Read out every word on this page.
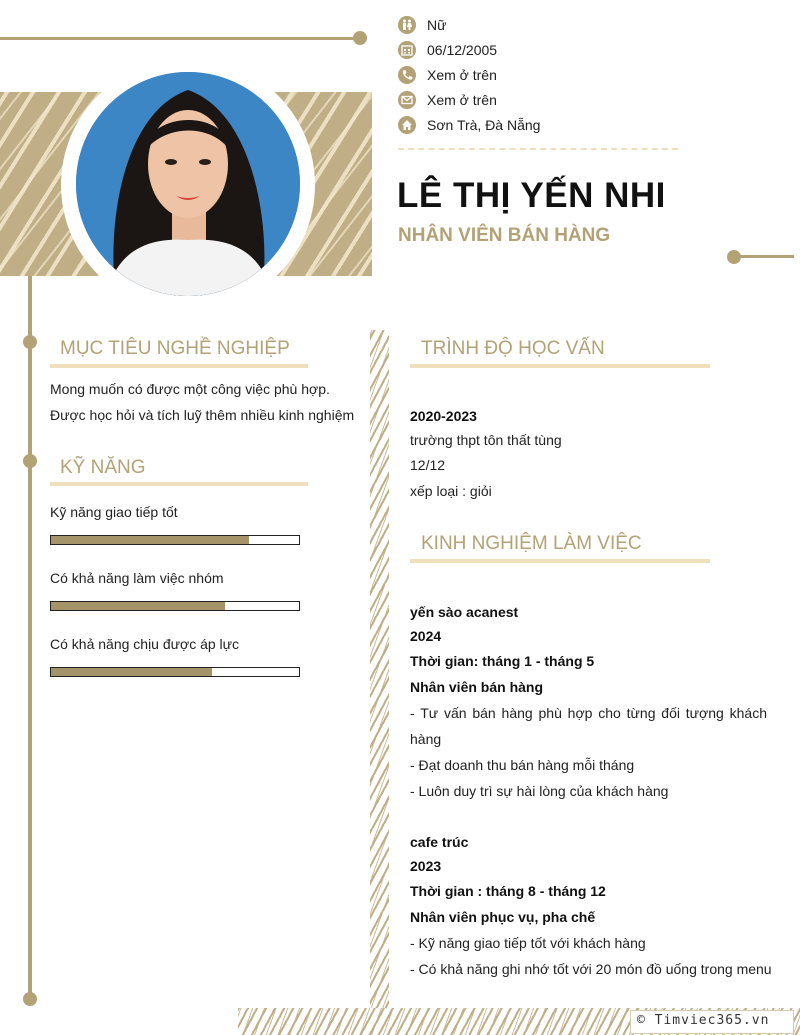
Nữ
06/12/2005
Xem ở trên
Xem ở trên
Sơn Trà, Đà Nẵng
LÊ THỊ YẾN NHI
NHÂN VIÊN BÁN HÀNG
MỤC TIÊU NGHỀ NGHIỆP
Mong muốn có được một công việc phù hợp.
Được học hỏi và tích luỹ thêm nhiều kinh nghiệm
KỸ NĂNG
Kỹ năng giao tiếp tốt
Có khả năng làm việc nhóm
Có khả năng chịu được áp lực
TRÌNH ĐỘ HỌC VẤN
2020-2023
trường thpt tôn thất tùng
12/12
xếp loại : giỏi
KINH NGHIỆM LÀM VIỆC
yến sào acanest
2024
Thời gian: tháng 1 - tháng 5
Nhân viên bán hàng
- Tư vấn bán hàng phù hợp cho từng đối tượng khách hàng
- Đạt doanh thu bán hàng mỗi tháng
- Luôn duy trì sự hài lòng của khách hàng
cafe trúc
2023
Thời gian : tháng 8 - tháng 12
Nhân viên phục vụ, pha chế
- Kỹ năng giao tiếp tốt với khách hàng
- Có khả năng ghi nhớ tốt với 20 món đồ uống trong menu
© Timviec365.vn
